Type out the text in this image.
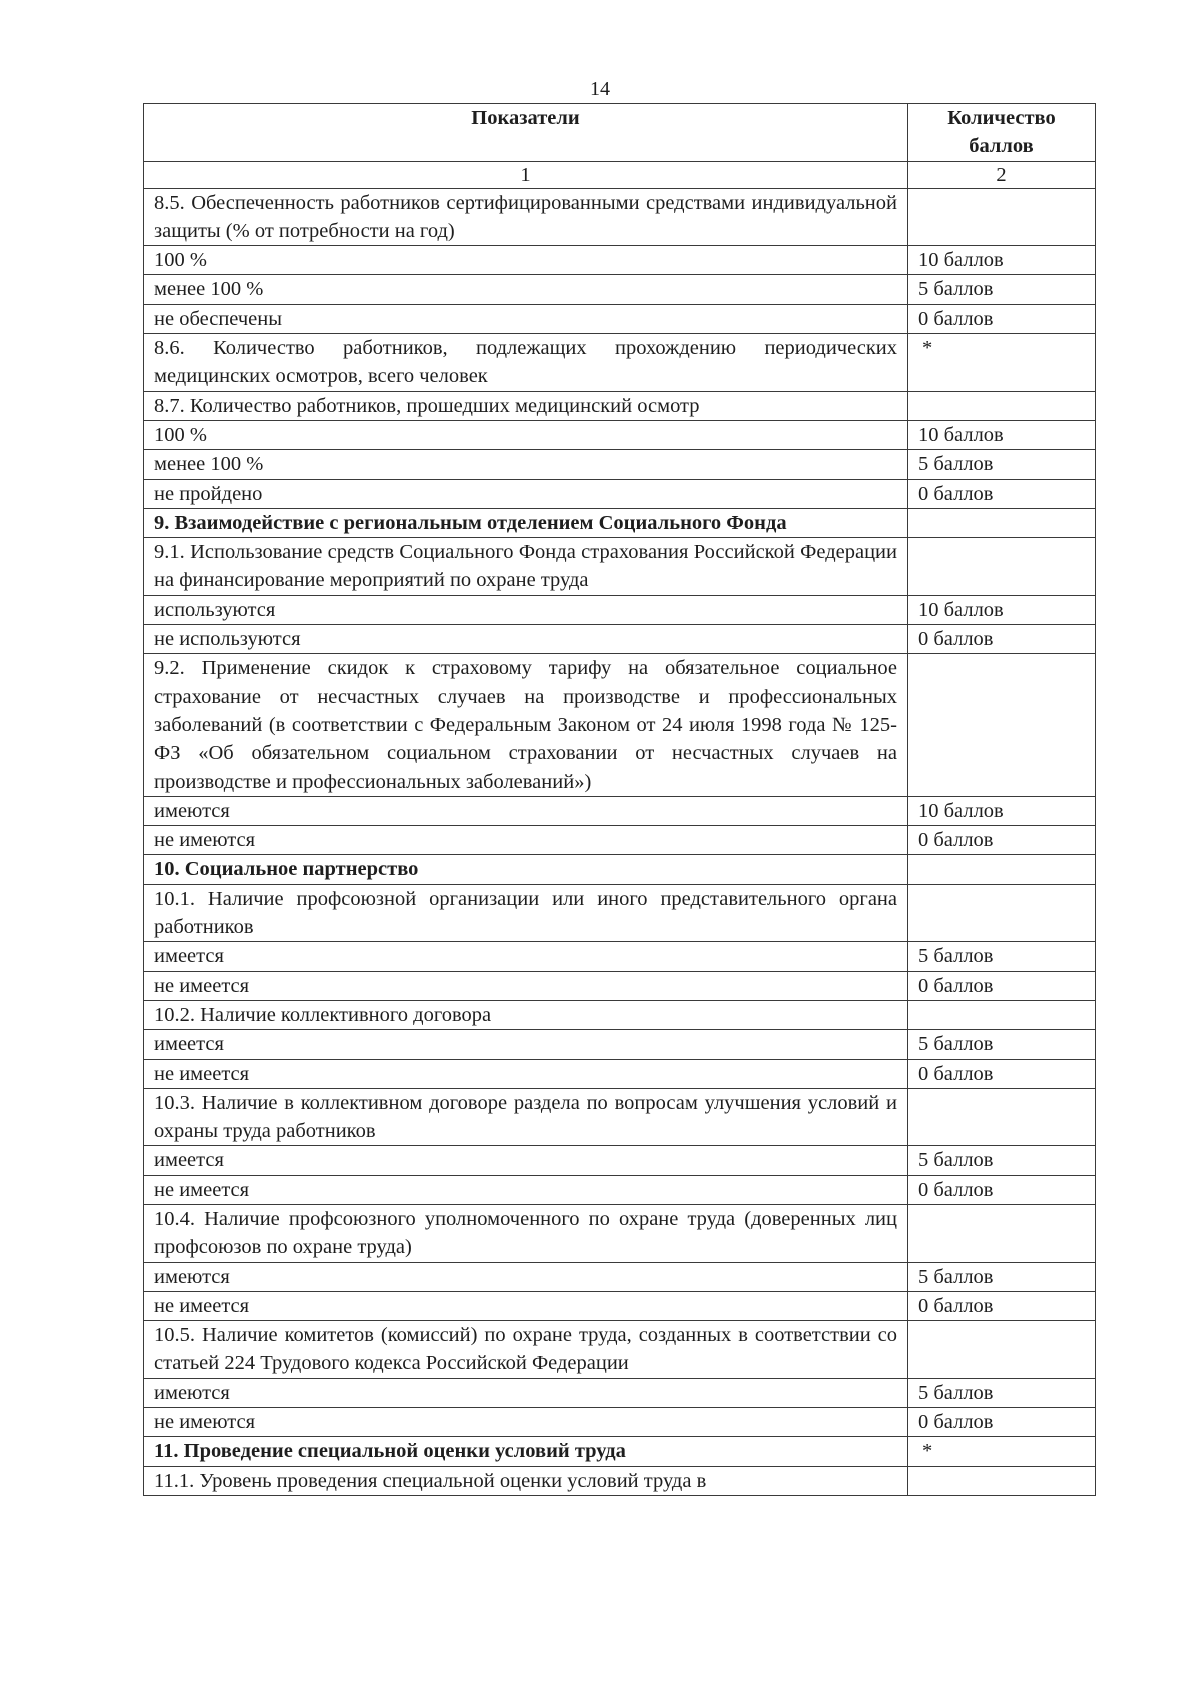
14
Показатели	Количество баллов
1	2
8.5. Обеспеченность работников сертифицированными средствами индивидуальной защиты (% от потребности на год)	
100 %	10 баллов
менее 100 %	5 баллов
не обеспечены	0 баллов
8.6. Количество работников, подлежащих прохождению периодических медицинских осмотров, всего человек	*
8.7. Количество работников, прошедших медицинский осмотр	
100 %	10 баллов
менее 100 %	5 баллов
не пройдено	0 баллов
9. Взаимодействие с региональным отделением Социального Фонда	
9.1. Использование средств Социального Фонда страхования Российской Федерации на финансирование мероприятий по охране труда	
используются	10 баллов
не используются	0 баллов
9.2. Применение скидок к страховому тарифу на обязательное социальное страхование от несчастных случаев на производстве и профессиональных заболеваний (в соответствии с Федеральным Законом от 24 июля 1998 года № 125-ФЗ «Об обязательном социальном страховании от несчастных случаев на производстве и профессиональных заболеваний»)	
имеются	10 баллов
не имеются	0 баллов
10. Социальное партнерство	
10.1. Наличие профсоюзной организации или иного представительного органа работников	
имеется	5 баллов
не имеется	0 баллов
10.2. Наличие коллективного договора	
имеется	5 баллов
не имеется	0 баллов
10.3. Наличие в коллективном договоре раздела по вопросам улучшения условий и охраны труда работников	
имеется	5 баллов
не имеется	0 баллов
10.4. Наличие профсоюзного уполномоченного по охране труда (доверенных лиц профсоюзов по охране труда)	
имеются	5 баллов
не имеется	0 баллов
10.5. Наличие комитетов (комиссий) по охране труда, созданных в соответствии со статьей 224 Трудового кодекса Российской Федерации	
имеются	5 баллов
не имеются	0 баллов
11. Проведение специальной оценки условий труда	*
11.1. Уровень проведения специальной оценки условий труда в	
